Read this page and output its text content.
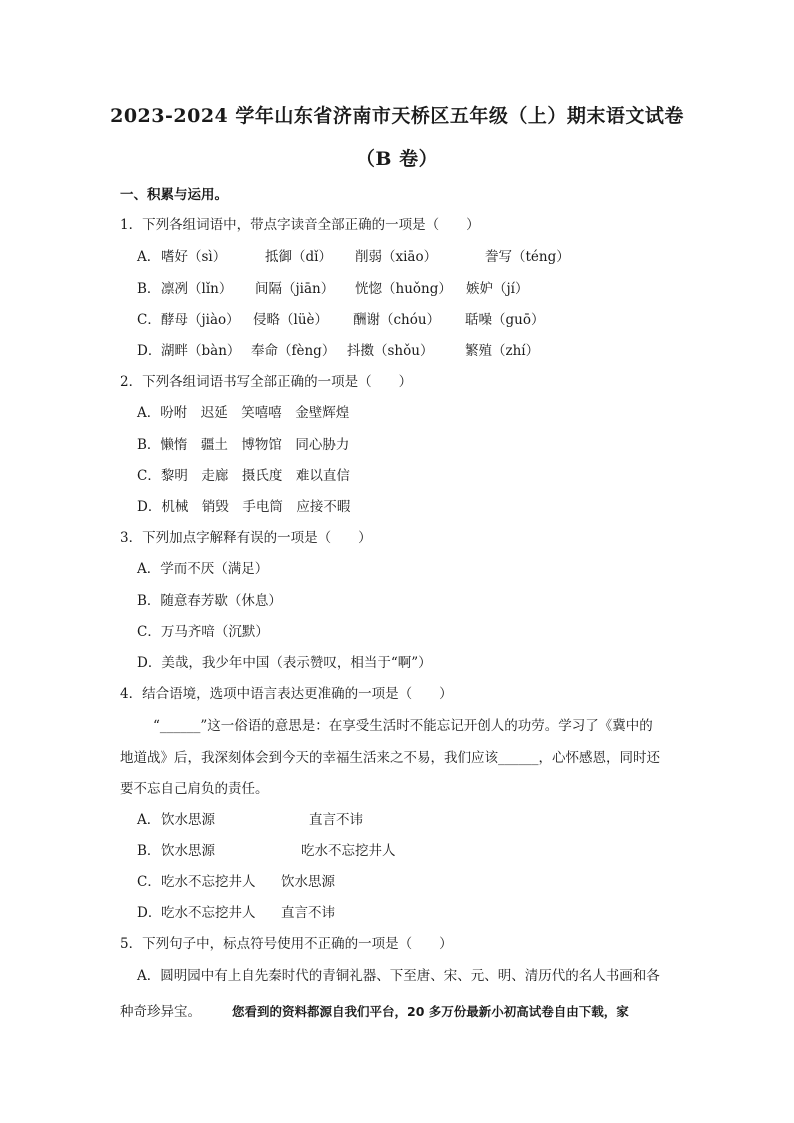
2023-2024 学年山东省济南市天桥区五年级（上）期末语文试卷
（B 卷）
一、积累与运用。
1．下列各组词语中，带点字读音全部正确的一项是（　　）
A． 嗜好（sì）	抵御（dǐ） 削弱（xiāo）	誊写（téng）
B． 凛冽（lǐn） 间隔（jiān） 恍惚（huǒng） 嫉妒（jí）
C． 酵母（jiào） 侵略（lüè） 酬谢（chóu） 聒噪（guō）
D． 湖畔（bàn） 奉命（fèng） 抖擞（shǒu） 繁殖（zhí）
2．下列各组词语书写全部正确的一项是（　　）
A．吩咐　迟延　笑嘻嘻　金壁辉煌
B．懒惰　疆土　博物馆　同心胁力
C．黎明　走廊　摄氏度　难以直信
D．机械　销毁　手电筒　应接不暇
3．下列加点字解释有误的一项是（　　）
A．学而不厌（满足）
B．随意春芳歇（休息）
C．万马齐喑（沉默）
D．美哉，我少年中国（表示赞叹，相当于“啊”）
4．结合语境，选项中语言表达更准确的一项是（　　）
“______”这一俗语的意思是：在享受生活时不能忘记开创人的功劳。学习了《冀中的
地道战》后，我深刻体会到今天的幸福生活来之不易，我们应该______，心怀感恩，同时还
要不忘自己肩负的责任。
A． 饮水思源	直言不讳
B． 饮水思源	吃水不忘挖井人
C． 吃水不忘挖井人 饮水思源
D． 吃水不忘挖井人 直言不讳
5．下列句子中，标点符号使用不正确的一项是（　　）
A．圆明园中有上自先秦时代的青铜礼器、下至唐、宋、元、明、清历代的名人书画和各
种奇珍异宝。 您看到的资料都源自我们平台，20 多万份最新小初高试卷自由下载，家
